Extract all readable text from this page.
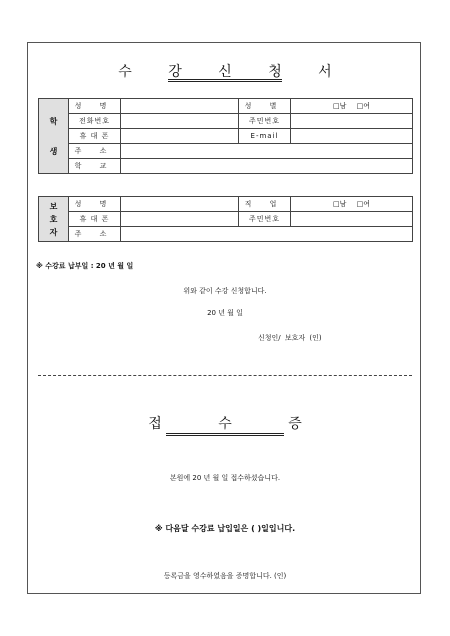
수 강 신 청 서
학

생	성 명		성 별	□남 □여
	전화번호		주민번호	
	휴 대 폰		E-mail	
	주 소			
	학 교			
보
호
자	성 명		직 업	□남 □여
	휴 대 폰		주민번호	
	주 소			
※ 수강료 납부일 : 20 년 월 일
위와 같이 수강 신청합니다.
20 년 월 일
신청인/ 보호자 (인)
접 수 증
본원에 20 년 월 일 접수하셨습니다.
※ 다음달 수강료 납입일은 ( )일입니다.
등록금을 영수하였음을 증명합니다. (인)
